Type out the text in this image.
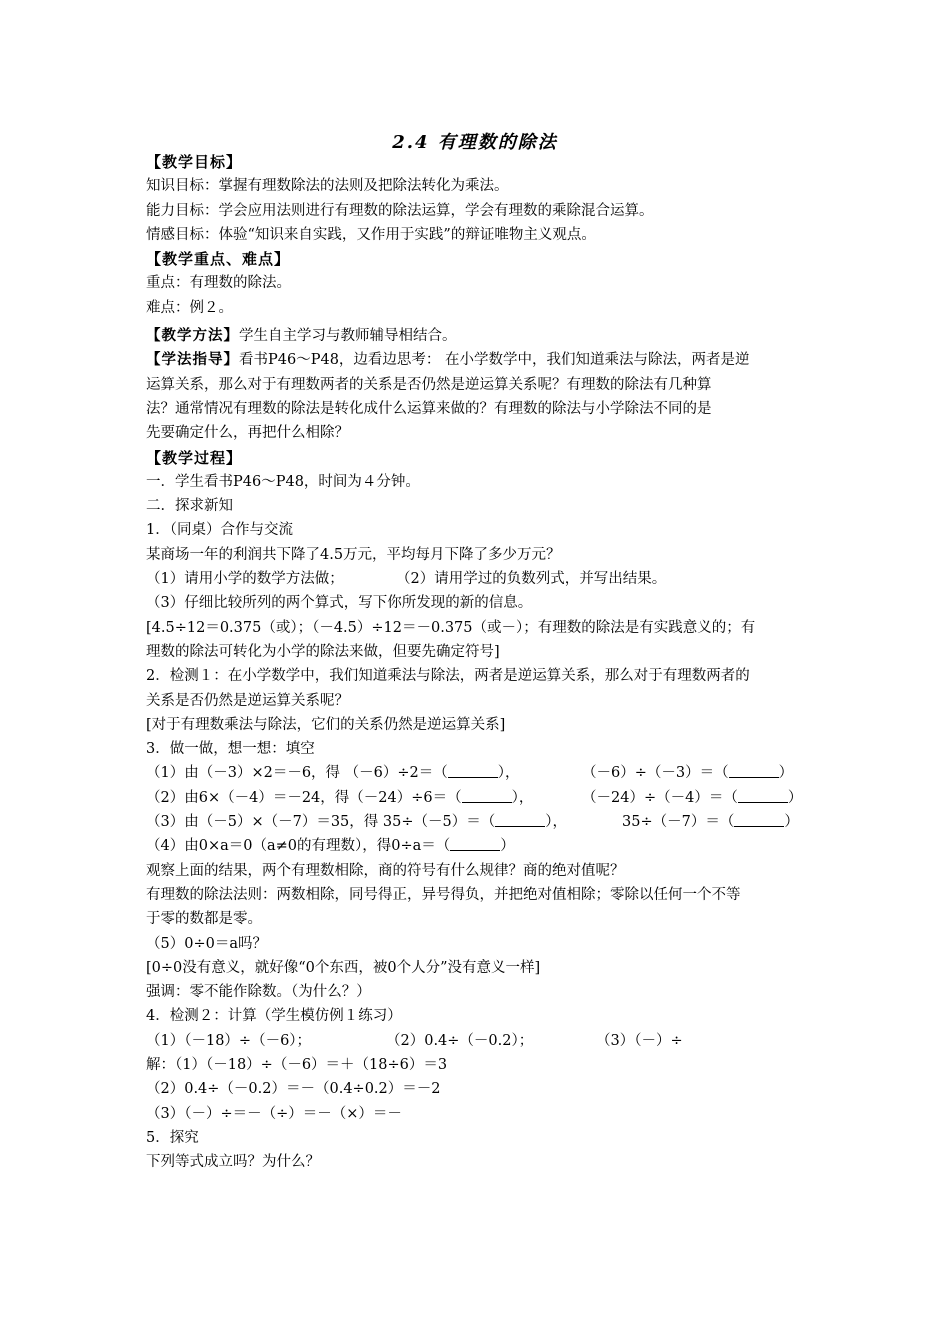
2.4 有理数的除法
【教学目标】
知识目标：掌握有理数除法的法则及把除法转化为乘法。
能力目标：学会应用法则进行有理数的除法运算，学会有理数的乘除混合运算。
情感目标：体验“知识来自实践，又作用于实践”的辩证唯物主义观点。
【教学重点、难点】
重点：有理数的除法。
难点：例２。
【教学方法】学生自主学习与教师辅导相结合。
【学法指导】看书P46～P48，边看边思考： 在小学数学中，我们知道乘法与除法，两者是逆
运算关系，那么对于有理数两者的关系是否仍然是逆运算关系呢？有理数的除法有几种算
法？通常情况有理数的除法是转化成什么运算来做的？有理数的除法与小学除法不同的是
先要确定什么，再把什么相除？
【教学过程】
一．学生看书P46～P48，时间为４分钟。
二．探求新知
1．（同桌）合作与交流
某商场一年的利润共下降了4.5万元，平均每月下降了多少万元？
（1）请用小学的数学方法做；	（2）请用学过的负数列式，并写出结果。
（3）仔细比较所列的两个算式，写下你所发现的新的信息。
[4.5÷12＝0.375（或）；（－4.5）÷12＝－0.375（或－）；有理数的除法是有实践意义的；有
理数的除法可转化为小学的除法来做，但要先确定符号]
2．检测１：在小学数学中，我们知道乘法与除法，两者是逆运算关系，那么对于有理数两者的
关系是否仍然是逆运算关系呢？
[对于有理数乘法与除法，它们的关系仍然是逆运算关系]
3．做一做，想一想：填空
（1）由（－3）×2＝－6，得 （－6）÷2＝（	），	（－6）÷（－3）＝（	）
（2）由6×（－4）＝－24，得（－24）÷6＝（	），	（－24）÷（－4）＝（	）
（3）由（－5）×（－7）＝35，得 35÷（－5）＝（	），	35÷（－7）＝（	）
（4）由0×a＝0（a≠0的有理数），得0÷a＝（	）
观察上面的结果，两个有理数相除，商的符号有什么规律？商的绝对值呢？
有理数的除法法则：两数相除，同号得正，异号得负，并把绝对值相除；零除以任何一个不等
于零的数都是零。
（5）0÷0＝a吗？
[0÷0没有意义，就好像“0个东西，被0个人分”没有意义一样]
强调：零不能作除数。（为什么？）
4．检测２：计算（学生模仿例１练习）
（1）（－18）÷（－6）；	（2）0.4÷（－0.2）；	（3）（－）÷
解：（1）（－18）÷（－6）＝＋（18÷6）＝3
（2）0.4÷（－0.2）＝－（0.4÷0.2）＝－2
（3）（－）÷＝－（÷）＝－（×）＝－
5．探究
下列等式成立吗？为什么？
